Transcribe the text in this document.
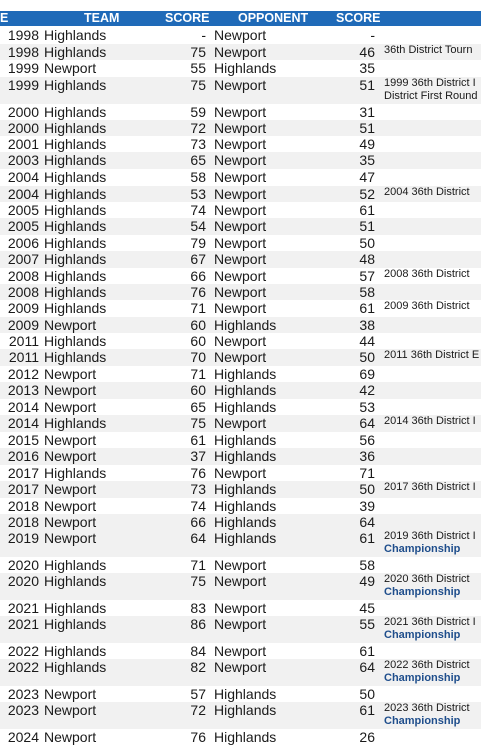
E	TEAM	SCORE OPPONENT SCORE
1998 Highlands	- Newport	-
1998 Highlands	75 Newport	46 36th District Tourn
1999 Newport	55 Highlands	35
1999 Highlands	75 Newport	51 1999 36th District I
District First Round
2000 Highlands	59 Newport	31
2000 Highlands	72 Newport	51
2001 Highlands	73 Newport	49
2003 Highlands	65 Newport	35
2004 Highlands	58 Newport	47
2004 Highlands	53 Newport	52 2004 36th District
2005 Highlands	74 Newport	61
2005 Highlands	54 Newport	51
2006 Highlands	79 Newport	50
2007 Highlands	67 Newport	48
2008 Highlands	66 Newport	57 2008 36th District
2008 Highlands	76 Newport	58
2009 Highlands	71 Newport	61 2009 36th District
2009 Newport	60 Highlands	38
2011 Highlands	60 Newport	44
2011 Highlands	70 Newport	50 2011 36th District E
2012 Newport	71 Highlands	69
2013 Newport	60 Highlands	42
2014 Newport	65 Highlands	53
2014 Highlands	75 Newport	64 2014 36th District I
2015 Newport	61 Highlands	56
2016 Newport	37 Highlands	36
2017 Highlands	76 Newport	71
2017 Newport	73 Highlands	50 2017 36th District I
2018 Newport	74 Highlands	39
2018 Newport	66 Highlands	64
2019 Newport	64 Highlands	61 2019 36th District I
Championship
2020 Highlands	71 Newport	58
2020 Highlands	75 Newport	49 2020 36th District
Championship
2021 Highlands	83 Newport	45
2021 Highlands	86 Newport	55 2021 36th District I
Championship
2022 Highlands	84 Newport	61
2022 Highlands	82 Newport	64 2022 36th District
Championship
2023 Newport	57 Highlands	50
2023 Newport	72 Highlands	61 2023 36th District
Championship
2024 Newport	76 Highlands	26
